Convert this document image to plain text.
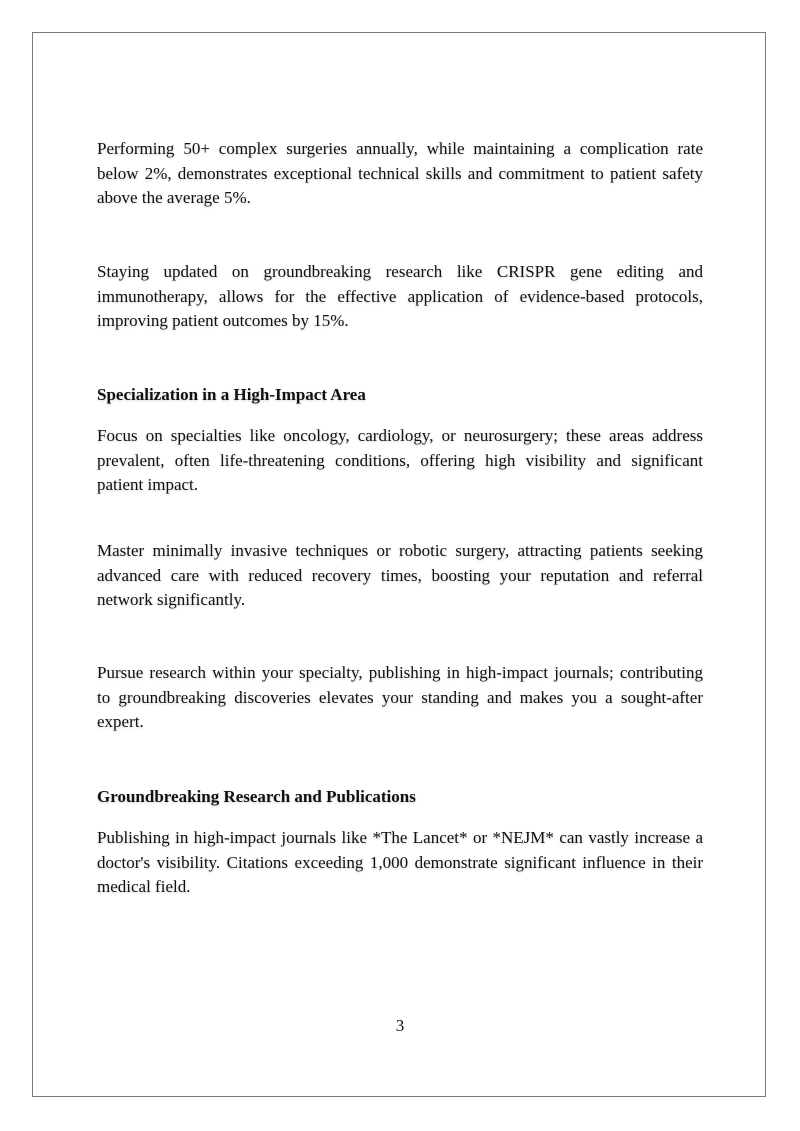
Performing 50+ complex surgeries annually, while maintaining a complication rate below 2%, demonstrates exceptional technical skills and commitment to patient safety above the average 5%.

Staying updated on groundbreaking research like CRISPR gene editing and immunotherapy, allows for the effective application of evidence-based protocols, improving patient outcomes by 15%.

Specialization in a High-Impact Area

Focus on specialties like oncology, cardiology, or neurosurgery; these areas address prevalent, often life-threatening conditions, offering high visibility and significant patient impact.

Master minimally invasive techniques or robotic surgery, attracting patients seeking advanced care with reduced recovery times, boosting your reputation and referral network significantly.

Pursue research within your specialty, publishing in high-impact journals; contributing to groundbreaking discoveries elevates your standing and makes you a sought-after expert.

Groundbreaking Research and Publications

Publishing in high-impact journals like *The Lancet* or *NEJM* can vastly increase a doctor's visibility. Citations exceeding 1,000 demonstrate significant influence in their medical field.

3
